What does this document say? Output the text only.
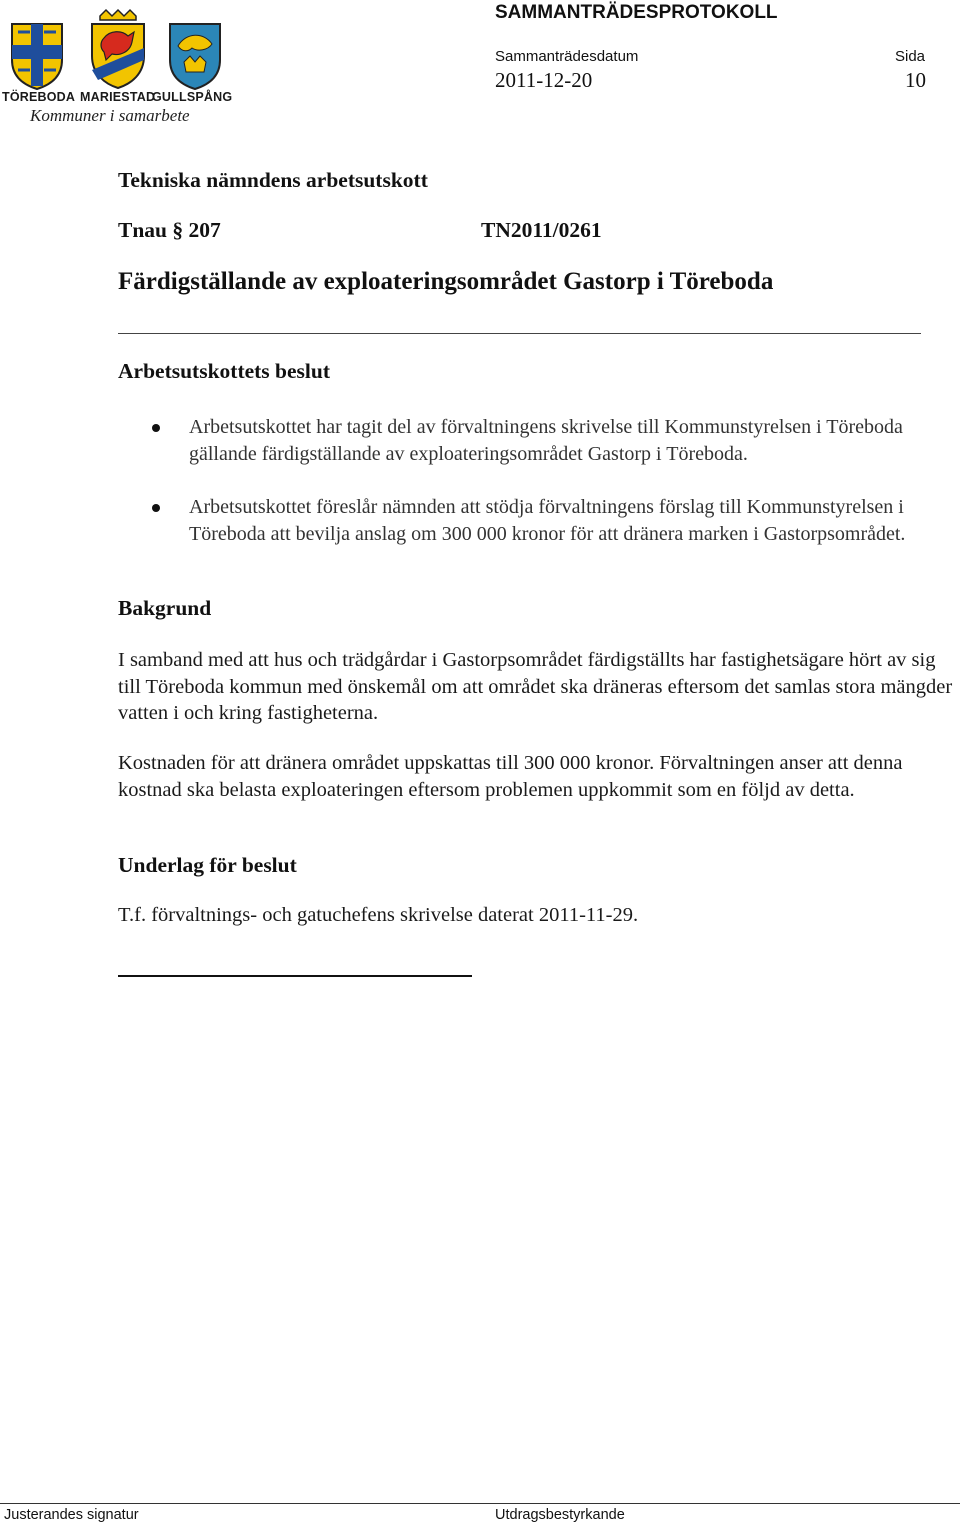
TÖREBODA MARIESTAD
GULLSPÅNG
Kommuner i samarbete
SAMMANTRÄDESPROTOKOLL
Sammanträdesdatum	Sida
2011-12-20	10
Tekniska nämndens arbetsutskott
Tnau § 207	TN2011/0261
Färdigställande av exploateringsområdet Gastorp i Töreboda
Arbetsutskottets beslut
Arbetsutskottet har tagit del av förvaltningens skrivelse till Kommunstyrelsen i Töreboda gällande färdigställande av exploateringsområdet Gastorp i Töreboda.
Arbetsutskottet föreslår nämnden att stödja förvaltningens förslag till Kommunstyrelsen i Töreboda att bevilja anslag om 300 000 kronor för att dränera marken i Gastorpsområdet.
Bakgrund

I samband med att hus och trädgårdar i Gastorpsområdet färdigställts har fastighetsägare hört av sig till Töreboda kommun med önskemål om att området ska dräneras eftersom det samlas stora mängder vatten i och kring fastigheterna.

Kostnaden för att dränera området uppskattas till 300 000 kronor. Förvaltningen anser att denna kostnad ska belasta exploateringen eftersom problemen uppkommit som en följd av detta.

Underlag för beslut
T.f. förvaltnings- och gatuchefens skrivelse daterat 2011-11-29.
Justerandes signatur	Utdragsbestyrkande
